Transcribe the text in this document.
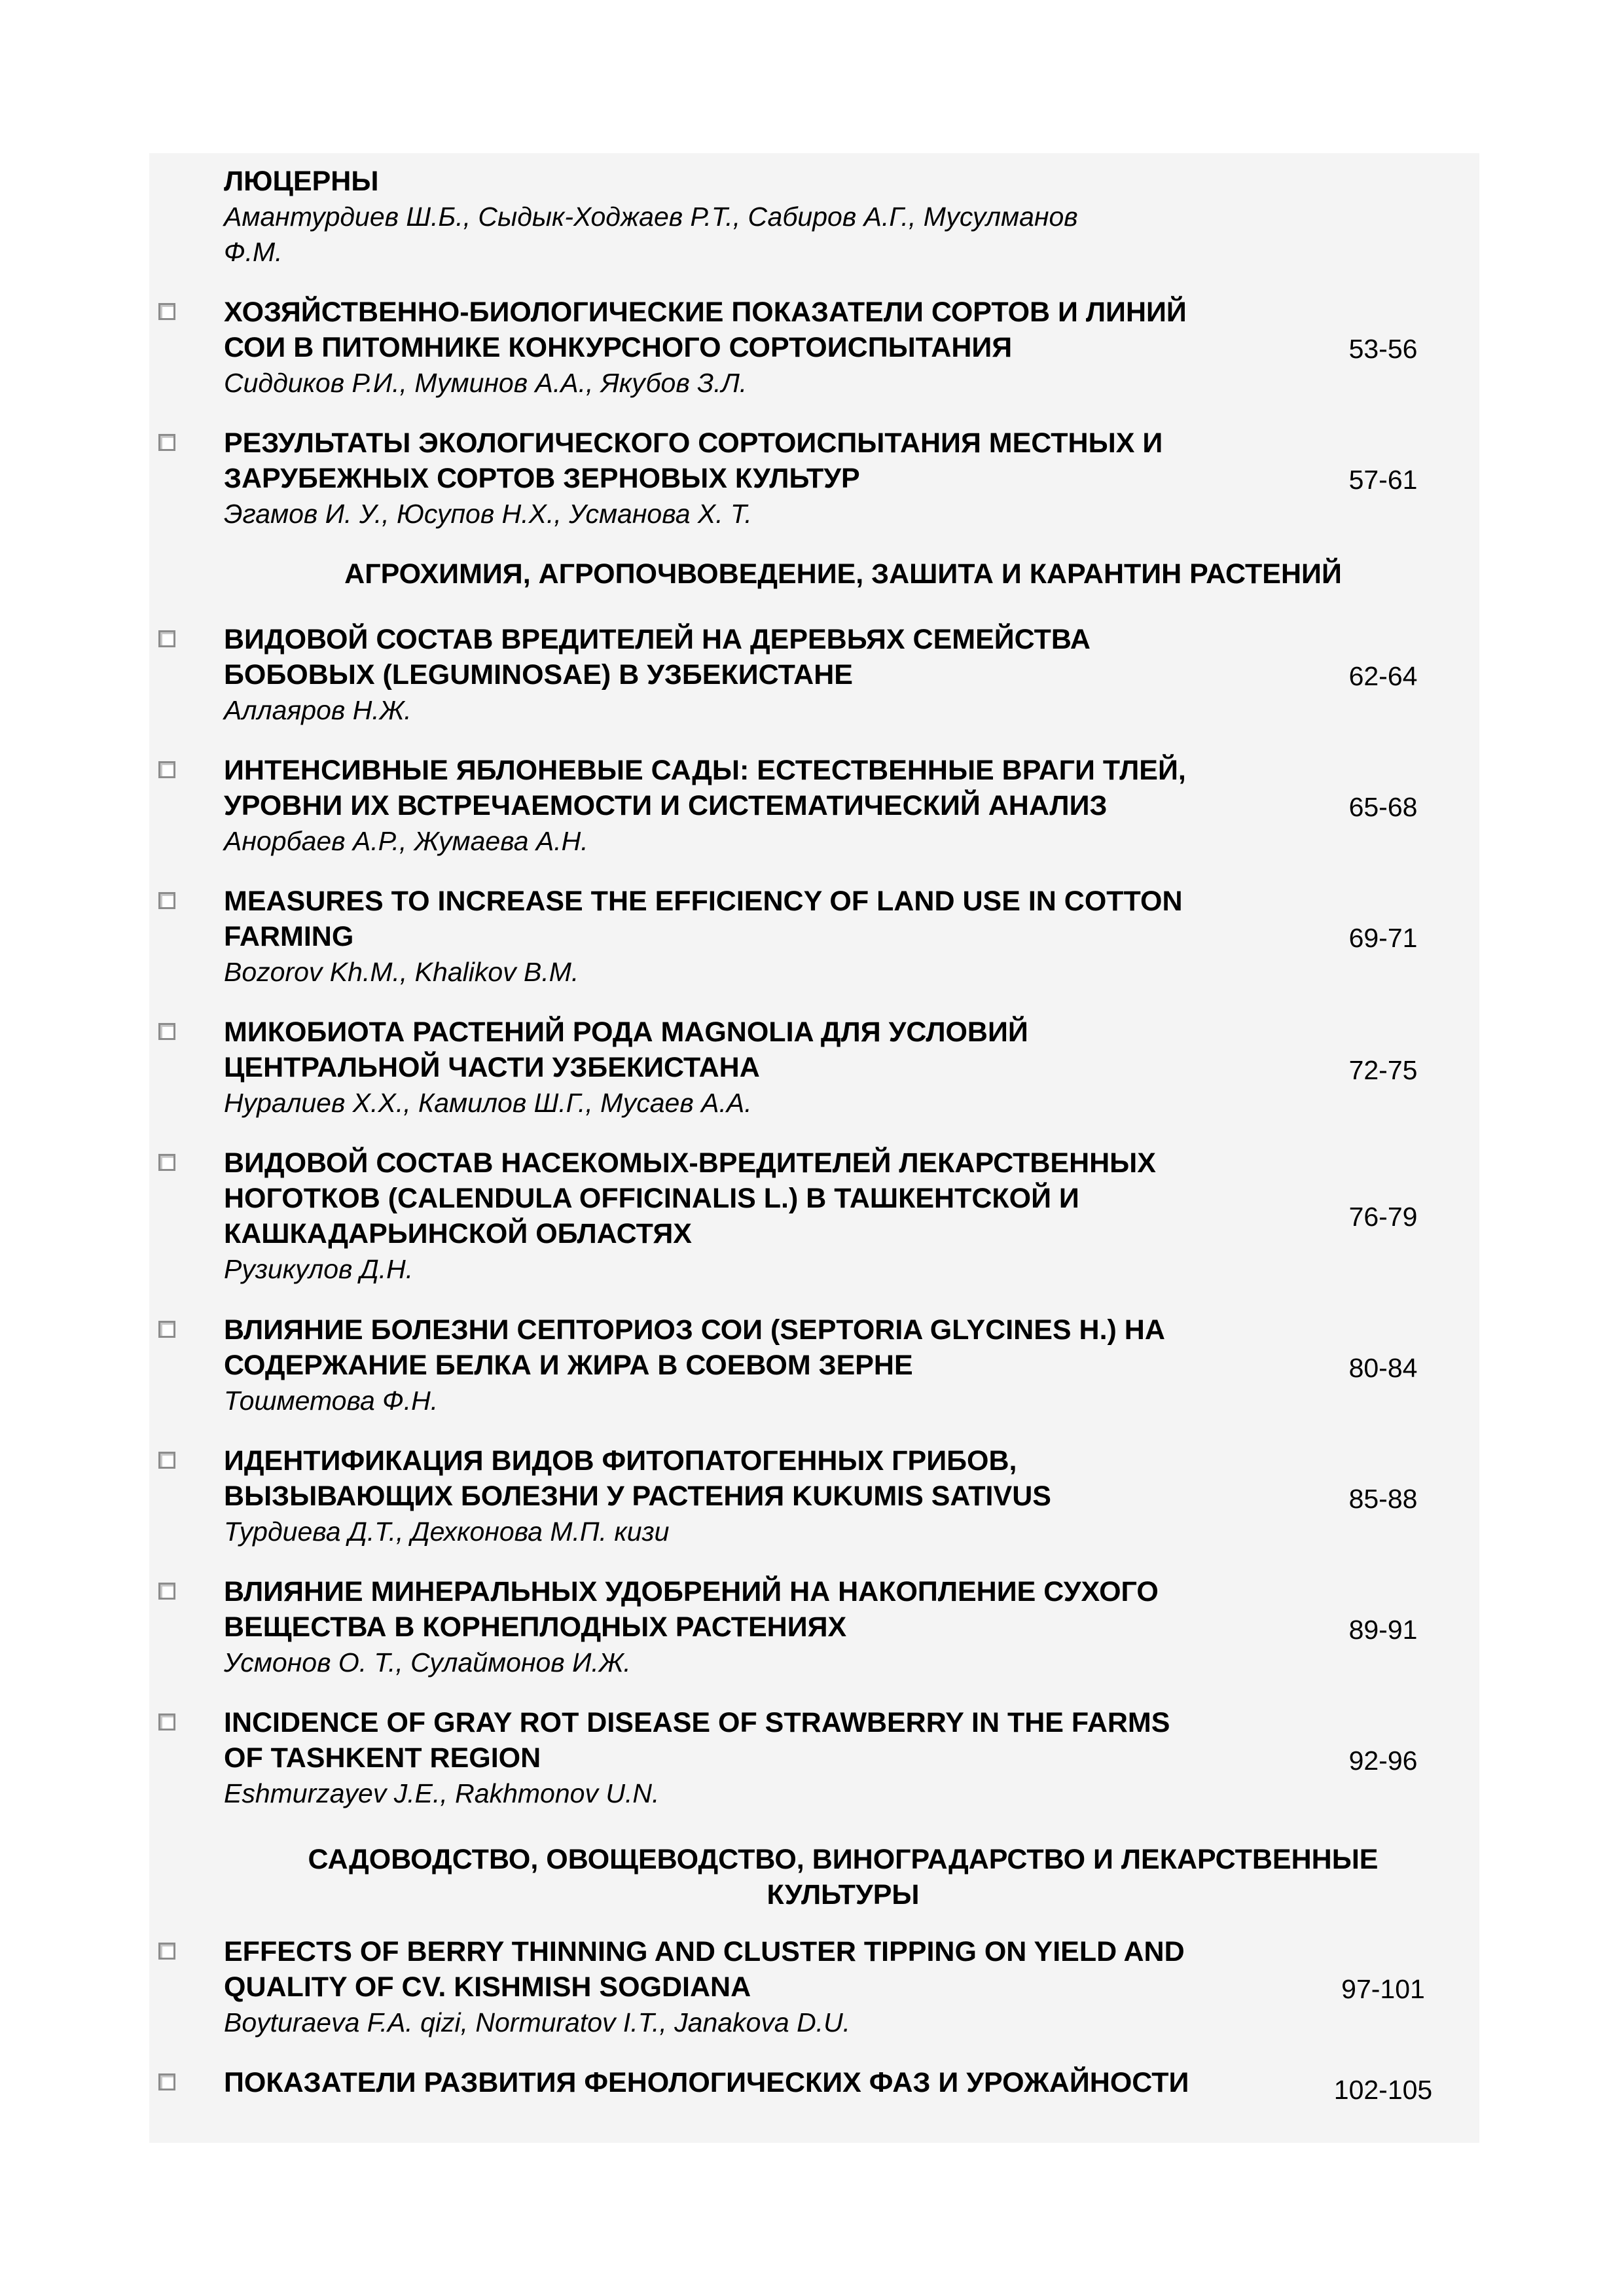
ЛЮЦЕРНЫ
Амантурдиев Ш.Б., Сыдык-Ходжаев Р.Т., Сабиров А.Г., Мусулманов
Ф.М.
ХОЗЯЙСТВЕННО-БИОЛОГИЧЕСКИЕ ПОКАЗАТЕЛИ СОРТОВ И ЛИНИЙ
СОИ В ПИТОМНИКЕ КОНКУРСНОГО СОРТОИСПЫТАНИЯ
Сиддиков Р.И., Муминов А.А., Якубов З.Л.
53-56
РЕЗУЛЬТАТЫ ЭКОЛОГИЧЕСКОГО СОРТОИСПЫТАНИЯ МЕСТНЫХ И
ЗАРУБЕЖНЫХ СОРТОВ ЗЕРНОВЫХ КУЛЬТУР
Эгамов И. У., Юсупов Н.Х., Усманова Х. Т.
57-61
АГРОХИМИЯ, АГРОПОЧВОВЕДЕНИЕ, ЗАШИТА И КАРАНТИН РАСТЕНИЙ
ВИДОВОЙ СОСТАВ ВРЕДИТЕЛЕЙ НА ДЕРЕВЬЯХ СЕМЕЙСТВА
БОБОВЫХ (LEGUMINOSAE) В УЗБЕКИСТАНЕ
Аллаяров Н.Ж.
62-64
ИНТЕНСИВНЫЕ ЯБЛОНЕВЫЕ САДЫ: ЕСТЕСТВЕННЫЕ ВРАГИ ТЛЕЙ,
УРОВНИ ИХ ВСТРЕЧАЕМОСТИ И СИСТЕМАТИЧЕСКИЙ АНАЛИЗ
Анорбаев А.Р., Жумаева А.Н.
65-68
MEASURES TO INCREASE THE EFFICIENCY OF LAND USE IN COTTON
FARMING
Bozorov Kh.M., Khalikov B.M.
69-71
МИКОБИОТА РАСТЕНИЙ РОДА MAGNOLIA ДЛЯ УСЛОВИЙ
ЦЕНТРАЛЬНОЙ ЧАСТИ УЗБЕКИСТАНА
Нуралиев Х.Х., Камилов Ш.Г., Мусаев А.А.
72-75
ВИДОВОЙ СОСТАВ НАСЕКОМЫХ-ВРЕДИТЕЛЕЙ ЛЕКАРСТВЕННЫХ
НОГОТКОВ (CALENDULA OFFICINALIS L.) В ТАШКЕНТСКОЙ И
КАШКАДАРЬИНСКОЙ ОБЛАСТЯХ
Рузикулов Д.Н.
76-79
ВЛИЯНИЕ БОЛЕЗНИ СЕПТОРИОЗ СОИ (SEPTORIA GLYCINES H.) НА
СОДЕРЖАНИЕ БЕЛКА И ЖИРА В СОЕВОМ ЗЕРНЕ
Тошметова Ф.Н.
80-84
ИДЕНТИФИКАЦИЯ ВИДОВ ФИТОПАТОГЕННЫХ ГРИБОВ,
ВЫЗЫВАЮЩИХ БОЛЕЗНИ У РАСТЕНИЯ KUKUMIS SATIVUS
Турдиева Д.Т., Дехконова М.П. кизи
85-88
ВЛИЯНИЕ МИНЕРАЛЬНЫХ УДОБРЕНИЙ НА НАКОПЛЕНИЕ СУХОГО
ВЕЩЕСТВА В КОРНЕПЛОДНЫХ РАСТЕНИЯХ
Усмонов О. Т., Сулаймонов И.Ж.
89-91
INCIDENCE OF GRAY ROT DISEASE OF STRAWBERRY IN THE FARMS
OF TASHKENT REGION
Eshmurzayev J.E., Rakhmonov U.N.
92-96
САДОВОДСТВО, ОВОЩЕВОДСТВО, ВИНОГРАДАРСТВО И ЛЕКАРСТВЕННЫЕ
КУЛЬТУРЫ
EFFECTS OF BERRY THINNING AND CLUSTER TIPPING ON YIELD AND
QUALITY OF CV. KISHMISH SOGDIANA
Boyturaeva F.A. qizi, Normuratov I.T., Janakova D.U.
97-101
ПОКАЗАТЕЛИ РАЗВИТИЯ ФЕНОЛОГИЧЕСКИХ ФАЗ И УРОЖАЙНОСТИ	102-105
